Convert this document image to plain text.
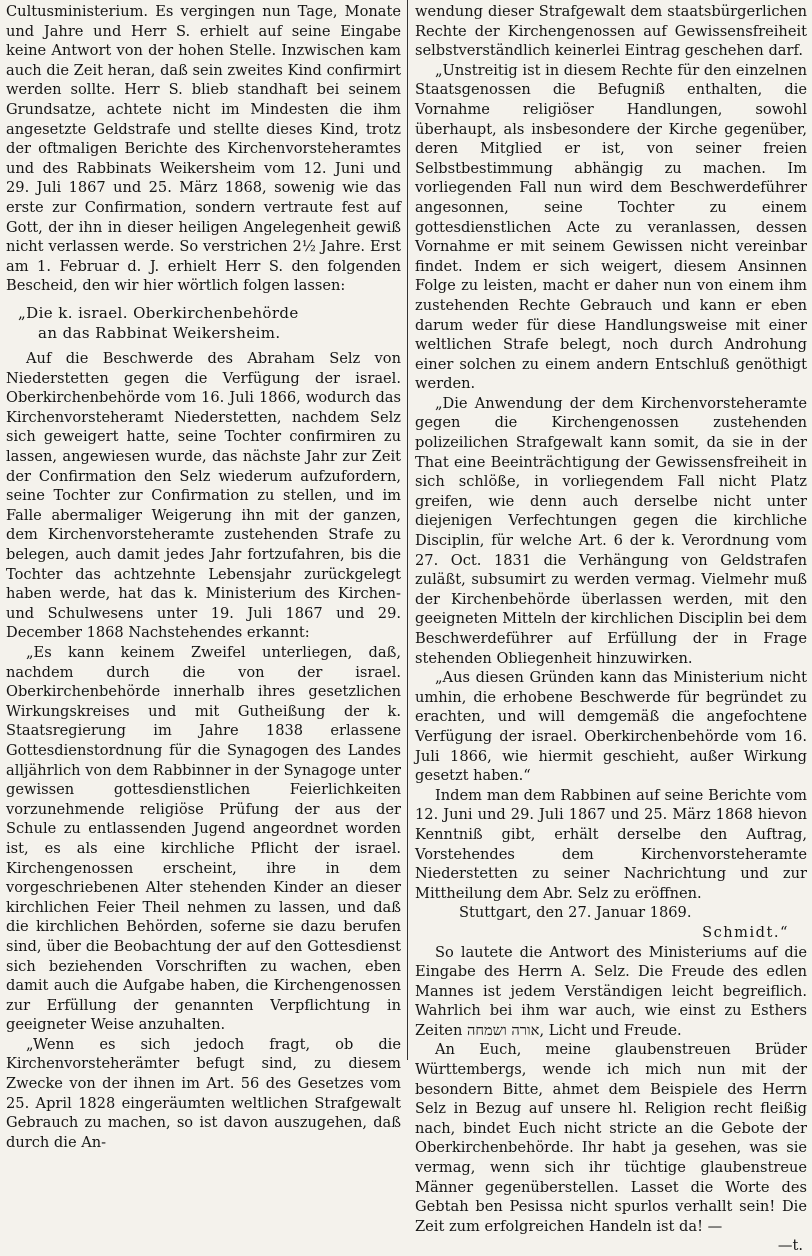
Cultusministerium. Es vergingen nun Tage, Monate und Jahre und Herr S. erhielt auf seine Eingabe keine Antwort von der hohen Stelle. Inzwischen kam auch die Zeit heran, daß sein zweites Kind confirmirt werden sollte. Herr S. blieb standhaft bei seinem Grundsatze, achtete nicht im Mindesten die ihm angesetzte Geldstrafe und stellte dieses Kind, trotz der oftmaligen Berichte des Kirchenvorsteheramtes und des Rabbinats Weikersheim vom 12. Juni und 29. Juli 1867 und 25. März 1868, sowenig wie das erste zur Confirmation, sondern vertraute fest auf Gott, der ihn in dieser heiligen Angelegenheit gewiß nicht verlassen werde. So verstrichen 2½ Jahre. Erst am 1. Februar d. J. erhielt Herr S. den folgenden Bescheid, den wir hier wörtlich folgen lassen:

„Die k. israel. Oberkirchenbehörde

an das Rabbinat Weikersheim.

Auf die Beschwerde des Abraham Selz von Niederstetten gegen die Verfügung der israel. Oberkirchenbehörde vom 16. Juli 1866, wodurch das Kirchenvorsteheramt Niederstetten, nachdem Selz sich geweigert hatte, seine Tochter confirmiren zu lassen, angewiesen wurde, das nächste Jahr zur Zeit der Confirmation den Selz wiederum aufzufordern, seine Tochter zur Confirmation zu stellen, und im Falle abermaliger Weigerung ihn mit der ganzen, dem Kirchenvorsteheramte zustehenden Strafe zu belegen, auch damit jedes Jahr fortzufahren, bis die Tochter das achtzehnte Lebensjahr zurückgelegt haben werde, hat das k. Ministerium des Kirchen- und Schulwesens unter 19. Juli 1867 und 29. December 1868 Nachstehendes erkannt:

„Es kann keinem Zweifel unterliegen, daß, nachdem durch die von der israel. Oberkirchenbehörde innerhalb ihres gesetzlichen Wirkungskreises und mit Gutheißung der k. Staatsregierung im Jahre 1838 erlassene Gottesdienstordnung für die Synagogen des Landes alljährlich von dem Rabbinner in der Synagoge unter gewissen gottesdienstlichen Feierlichkeiten vorzunehmende religiöse Prüfung der aus der Schule zu entlassenden Jugend angeordnet worden ist, es als eine kirchliche Pflicht der israel. Kirchengenossen erscheint, ihre in dem vorgeschriebenen Alter stehenden Kinder an dieser kirchlichen Feier Theil nehmen zu lassen, und daß die kirchlichen Behörden, soferne sie dazu berufen sind, über die Beobachtung der auf den Gottesdienst sich beziehenden Vorschriften zu wachen, eben damit auch die Aufgabe haben, die Kirchengenossen zur Erfüllung der genannten Verpflichtung in geeigneter Weise anzuhalten.

„Wenn es sich jedoch fragt, ob die Kirchenvorsteherämter befugt sind, zu diesem Zwecke von der ihnen im Art. 56 des Gesetzes vom 25. April 1828 eingeräumten weltlichen Strafgewalt Gebrauch zu machen, so ist davon auszugehen, daß durch die An-

wendung dieser Strafgewalt dem staatsbürgerlichen Rechte der Kirchengenossen auf Gewissensfreiheit selbstverständlich keinerlei Eintrag geschehen darf.

„Unstreitig ist in diesem Rechte für den einzelnen Staatsgenossen die Befugniß enthalten, die Vornahme religiöser Handlungen, sowohl überhaupt, als insbesondere der Kirche gegenüber, deren Mitglied er ist, von seiner freien Selbstbestimmung abhängig zu machen. Im vorliegenden Fall nun wird dem Beschwerdeführer angesonnen, seine Tochter zu einem gottesdienstlichen Acte zu veranlassen, dessen Vornahme er mit seinem Gewissen nicht vereinbar findet. Indem er sich weigert, diesem Ansinnen Folge zu leisten, macht er daher nun von einem ihm zustehenden Rechte Gebrauch und kann er eben darum weder für diese Handlungsweise mit einer weltlichen Strafe belegt, noch durch Androhung einer solchen zu einem andern Entschluß genöthigt werden.

„Die Anwendung der dem Kirchenvorsteheramte gegen die Kirchengenossen zustehenden polizeilichen Strafgewalt kann somit, da sie in der That eine Beeinträchtigung der Gewissensfreiheit in sich schlöße, in vorliegendem Fall nicht Platz greifen, wie denn auch derselbe nicht unter diejenigen Verfechtungen gegen die kirchliche Disciplin, für welche Art. 6 der k. Verordnung vom 27. Oct. 1831 die Verhängung von Geldstrafen zuläßt, subsumirt zu werden vermag. Vielmehr muß der Kirchenbehörde überlassen werden, mit den geeigneten Mitteln der kirchlichen Disciplin bei dem Beschwerdeführer auf Erfüllung der in Frage stehenden Obliegenheit hinzuwirken.

„Aus diesen Gründen kann das Ministerium nicht umhin, die erhobene Beschwerde für begründet zu erachten, und will demgemäß die angefochtene Verfügung der israel. Oberkirchenbehörde vom 16. Juli 1866, wie hiermit geschieht, außer Wirkung gesetzt haben.“

Indem man dem Rabbinen auf seine Berichte vom 12. Juni und 29. Juli 1867 und 25. März 1868 hievon Kenntniß gibt, erhält derselbe den Auftrag, Vorstehendes dem Kirchenvorsteheramte Niederstetten zu seiner Nachrichtung und zur Mittheilung dem Abr. Selz zu eröffnen.

Stuttgart, den 27. Januar 1869.

Schmidt.“

So lautete die Antwort des Ministeriums auf die Eingabe des Herrn A. Selz. Die Freude des edlen Mannes ist jedem Verständigen leicht begreiflich. Wahrlich bei ihm war auch, wie einst zu Esthers Zeiten אורה ושמחה, Licht und Freude.

An Euch, meine glaubenstreuen Brüder Württembergs, wende ich mich nun mit der besondern Bitte, ahmet dem Beispiele des Herrn Selz in Bezug auf unsere hl. Religion recht fleißig nach, bindet Euch nicht stricte an die Gebote der Oberkirchenbehörde. Ihr habt ja gesehen, was sie vermag, wenn sich ihr tüchtige glaubenstreue Männer gegenüberstellen. Lasset die Worte des Gebtah ben Pesissa nicht spurlos verhallt sein! Die Zeit zum erfolgreichen Handeln ist da! —

—t.
